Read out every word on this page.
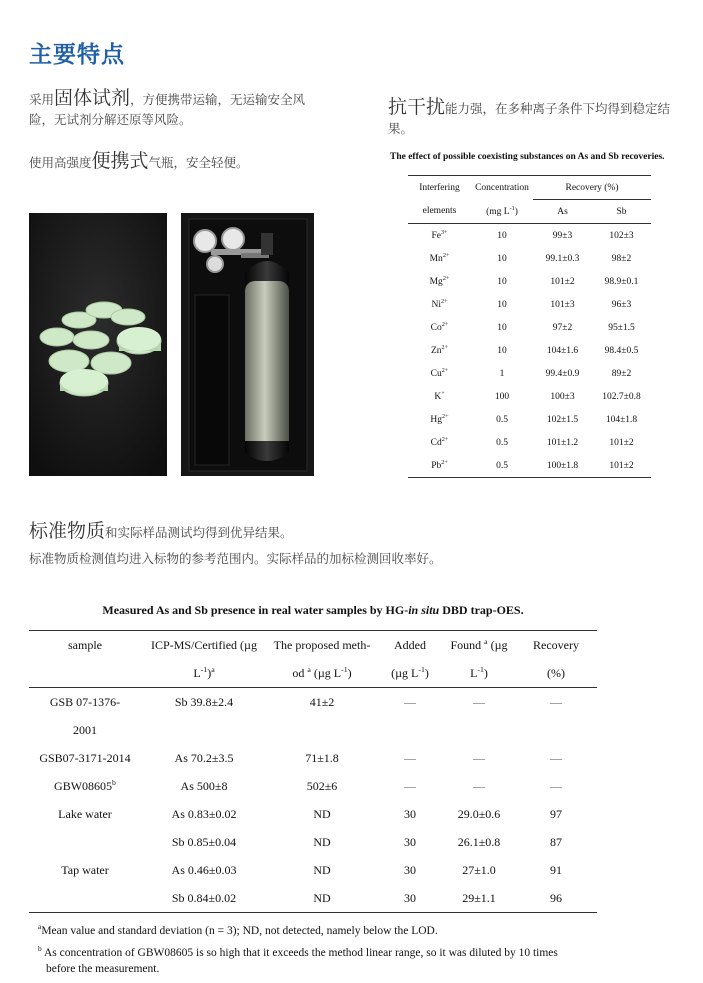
主要特点
采用固体试剂，方便携带运输，无运输安全风险，无试剂分解还原等风险。
使用高强度便携式气瓶，安全轻便。
抗干扰能力强，在多种离子条件下均得到稳定结果。
The effect of possible coexisting substances on As and Sb recoveries.
Interfering	Concentration	Recovery (%)	
elements	(mg $L^{-1}$)	As	Sb
$Fe^{3+}$	10	99±3	102±3
$Mn^{2+}$	10	99.1±0.3	98±2
$Mg^{2+}$	10	101±2	98.9±0.1
$Ni^{2+}$	10	101±3	96±3
$Co^{2+}$	10	97±2	95±1.5
$Zn^{2+}$	10	104±1.6	98.4±0.5
$Cu^{2+}$	1	99.4±0.9	89±2
K+	100	100±3	102.7±0.8
$Hg^{2+}$	0.5	102±1.5	104±1.8
$Cd^{2+}$	0.5	101±1.2	101±2
$Pb^{2+}$	0.5	100±1.8	101±2
标准物质和实际样品测试均得到优异结果。
标准物质检测值均进入标物的参考范围内。实际样品的加标检测回收率好。
Measured As and Sb presence in real water samples by HG-in situ DBD trap-OES.
sample	ICP-MS/Certified (µg	The proposed meth-	Added	Found $^a$ (µg	Recovery
	$L^{-1})^a$	od $^a$ (µg $L^{-1}$)	(µg $L^{-1}$)	$L^{-1}$)	(%)
GSB 07-1376-	Sb 39.8±2.4	41±2	—	—	—
2001					
GSB07-3171-2014	As 70.2±3.5	71±1.8	—	—	—
GBW08605$^b$	As 500±8	502±6	—	—	—
Lake water	As 0.83±0.02	ND	30	29.0±0.6	97
	Sb 0.85±0.04	ND	30	26.1±0.8	87
Tap water	As 0.46±0.03	ND	30	27±1.0	91
	Sb 0.84±0.02	ND	30	29±1.1	96
$^a$Mean value and standard deviation (n = 3); ND, not detected, namely below the LOD.
$^b$ As concentration of GBW08605 is so high that it exceeds the method linear range, so it was diluted by 10 times
before the measurement.
